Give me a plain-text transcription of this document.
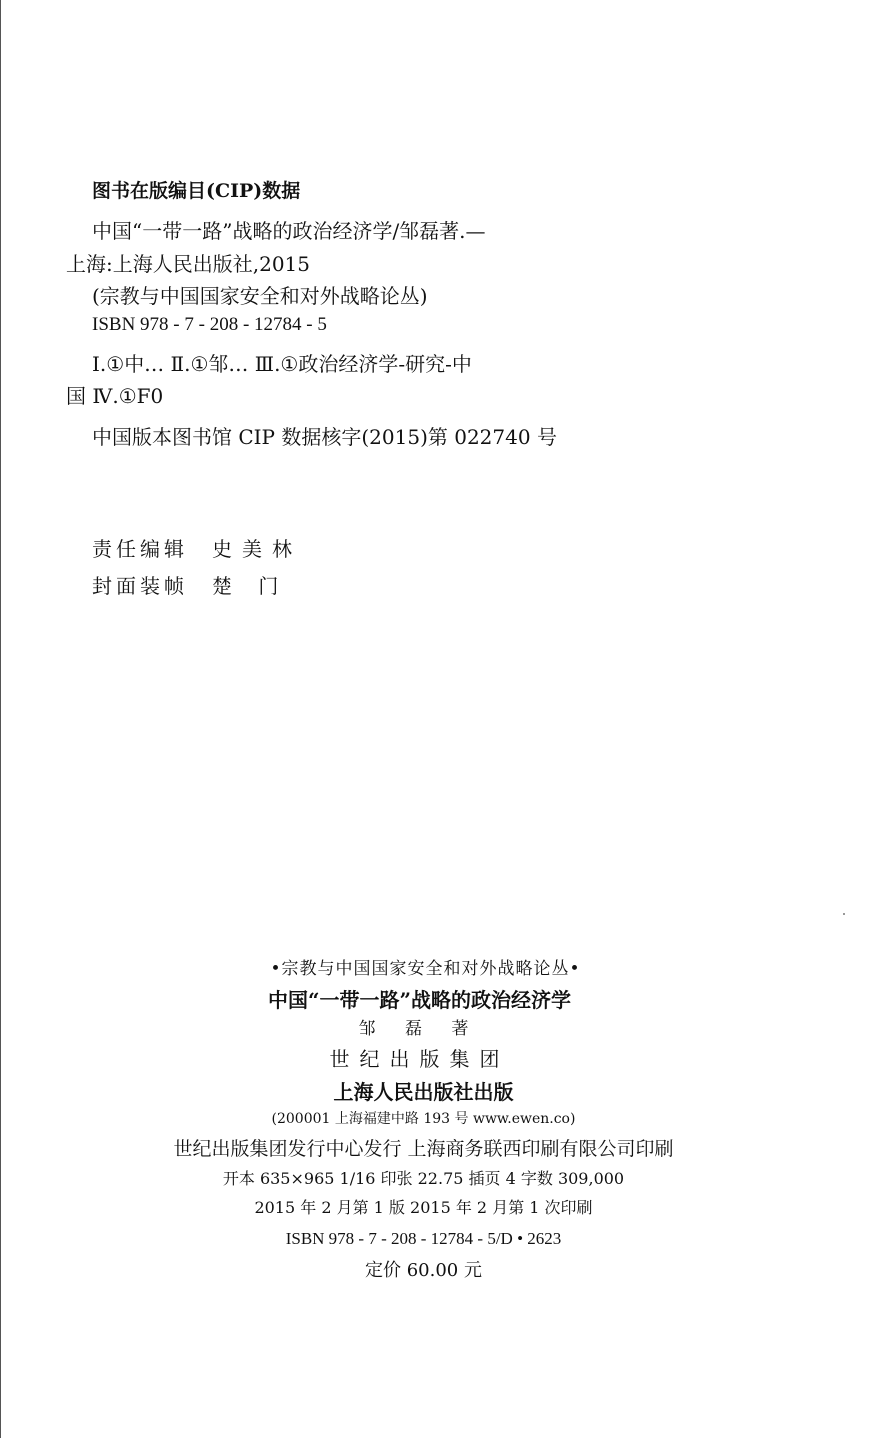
图书在版编目(CIP)数据
中国“一带一路”战略的政治经济学/邹磊著.—
上海:上海人民出版社,2015
(宗教与中国国家安全和对外战略论丛)
ISBN 978 - 7 - 208 - 12784 - 5
Ⅰ.①中… Ⅱ.①邹… Ⅲ.①政治经济学-研究-中
国 Ⅳ.①F0
中国版本图书馆 CIP 数据核字(2015)第 022740 号
责任编辑 史美林
封面装帧 楚 门
•宗教与中国国家安全和对外战略论丛•
中国“一带一路”战略的政治经济学
邹 磊 著
世纪出版集团
上海人民出版社出版
(200001 上海福建中路 193 号 www.ewen.co)
世纪出版集团发行中心发行 上海商务联西印刷有限公司印刷
开本 635×965 1/16 印张 22.75 插页 4 字数 309,000
2015 年 2 月第 1 版 2015 年 2 月第 1 次印刷
ISBN 978 - 7 - 208 - 12784 - 5/D • 2623
定价 60.00 元
